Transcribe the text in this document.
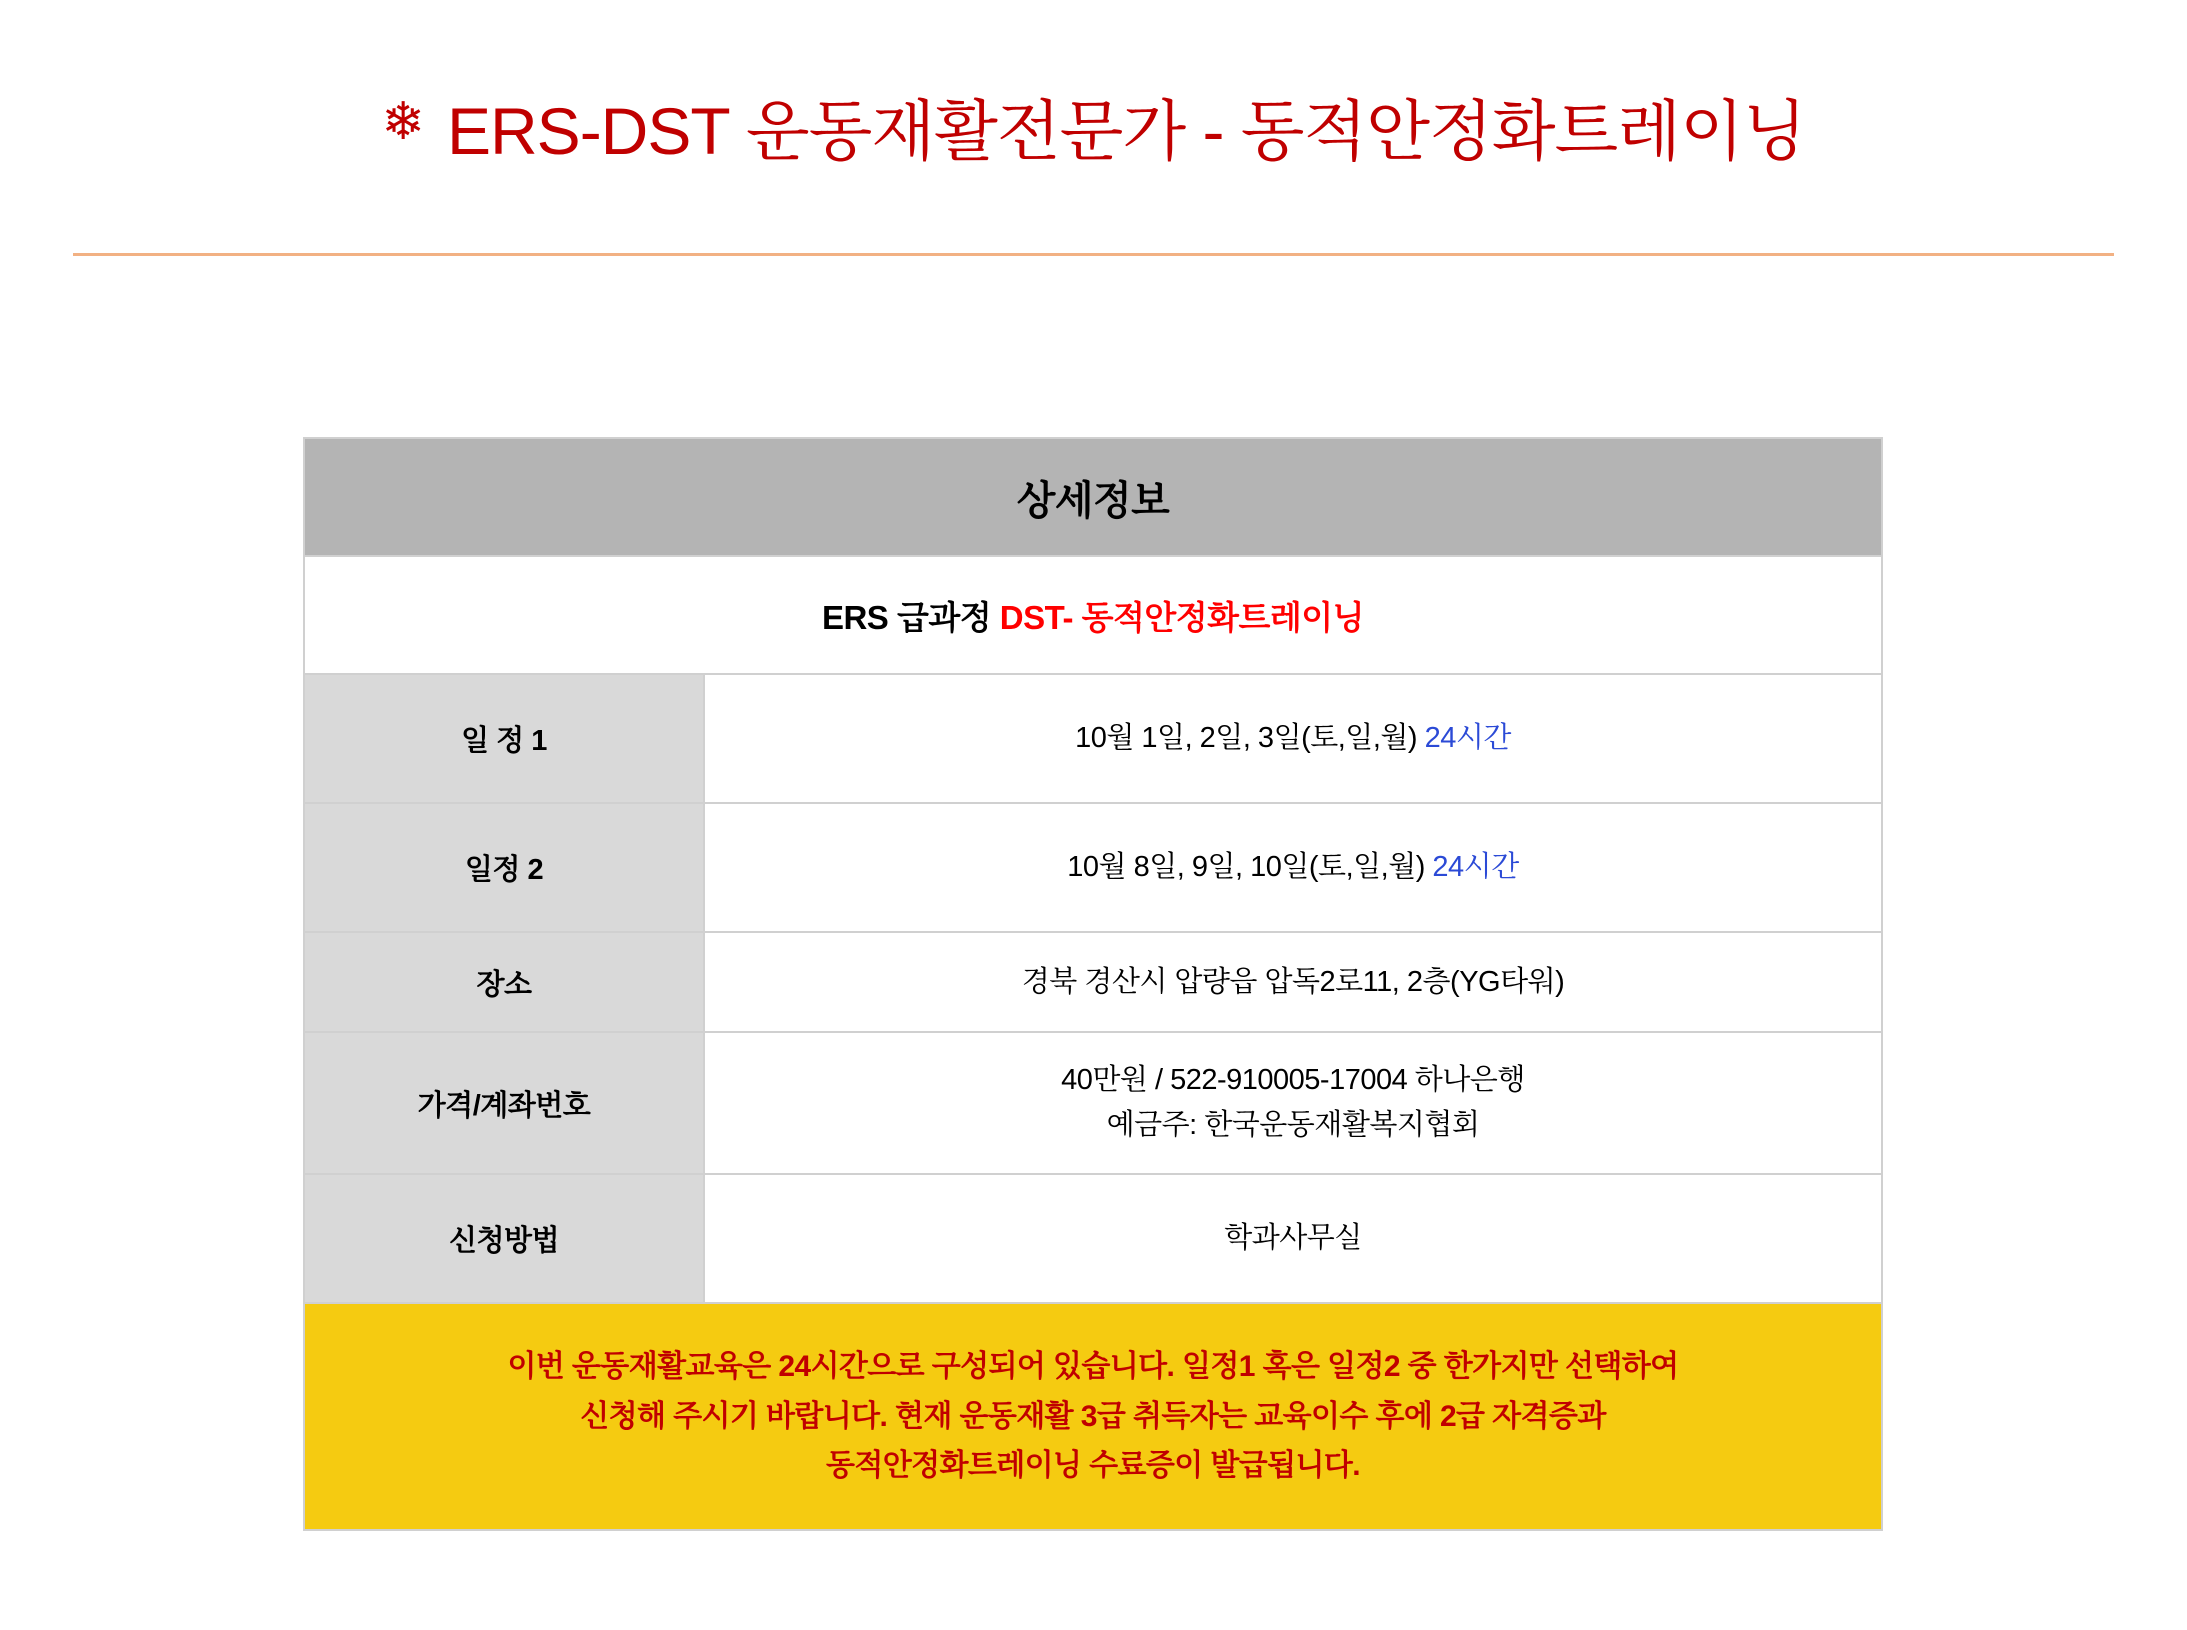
❄ ERS-DST 운동재활전문가 - 동적안정화트레이닝
상세정보	
ERS 급과정 DST- 동적안정화트레이닝	
일 정 1	10월 1일, 2일, 3일(토,일,월) 24시간
일정 2	10월 8일, 9일, 10일(토,일,월) 24시간
장소	경북 경산시 압량읍 압독2로11, 2층(YG타워)
가격/계좌번호	40만원 / 522-910005-17004 하나은행
예금주: 한국운동재활복지협회

신청방법	학과사무실

이번 운동재활교육은 24시간으로 구성되어 있습니다. 일정1 혹은 일정2 중 한가지만 선택하여
신청해 주시기 바랍니다. 현재 운동재활 3급 취득자는 교육이수 후에 2급 자격증과
동적안정화트레이닝 수료증이 발급됩니다.	
